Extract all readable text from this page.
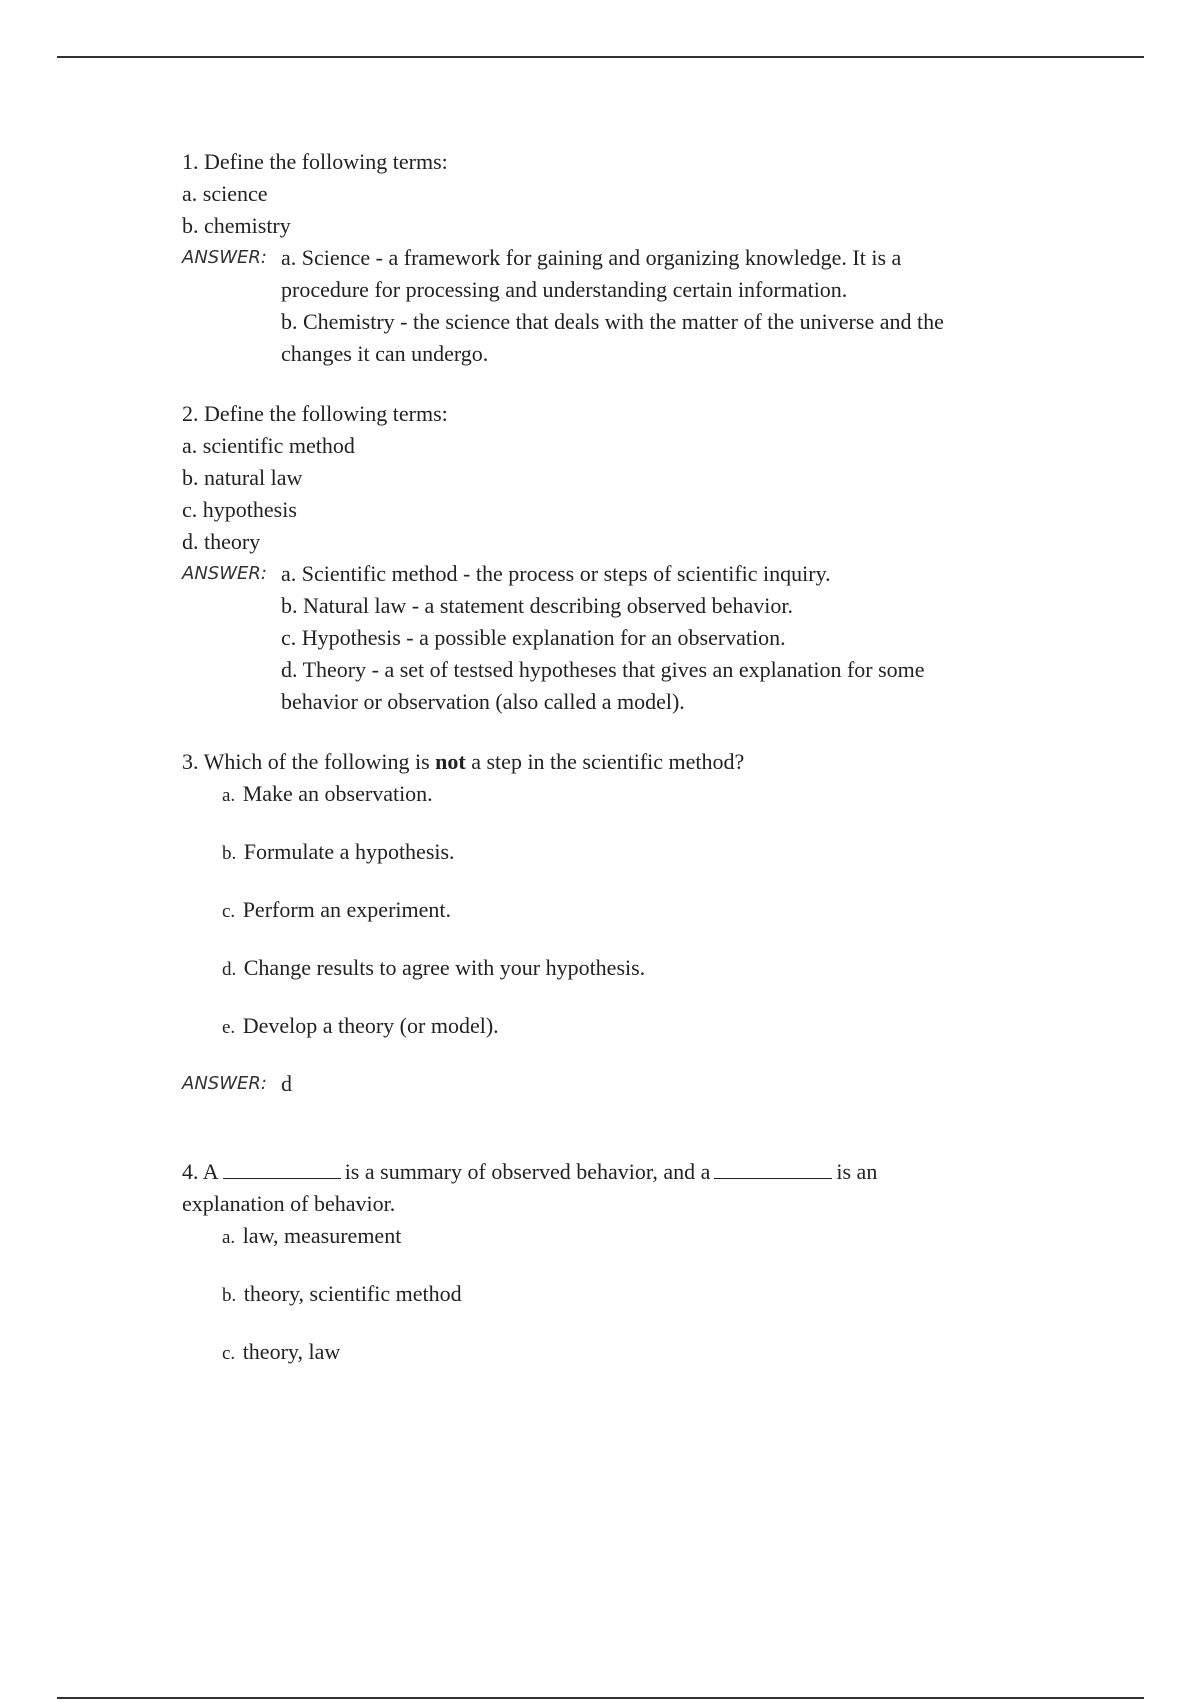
1. Define the following terms:
a. science
b. chemistry
ANSWER: a. Science - a framework for gaining and organizing knowledge. It is a
procedure for processing and understanding certain information.
b. Chemistry - the science that deals with the matter of the universe and the
changes it can undergo.
2. Define the following terms:
a. scientific method
b. natural law
c. hypothesis
d. theory
ANSWER: a. Scientific method - the process or steps of scientific inquiry.
b. Natural law - a statement describing observed behavior.
c. Hypothesis - a possible explanation for an observation.
d. Theory - a set of testsed hypotheses that gives an explanation for some
behavior or observation (also called a model).
3. Which of the following is not a step in the scientific method?
a. Make an observation.
b. Formulate a hypothesis.
c. Perform an experiment.
d. Change results to agree with your hypothesis.
e. Develop a theory (or model).
ANSWER: d
4. A	is a summary of observed behavior, and a	is an
explanation of behavior.
a. law, measurement
b. theory, scientific method
c. theory, law
